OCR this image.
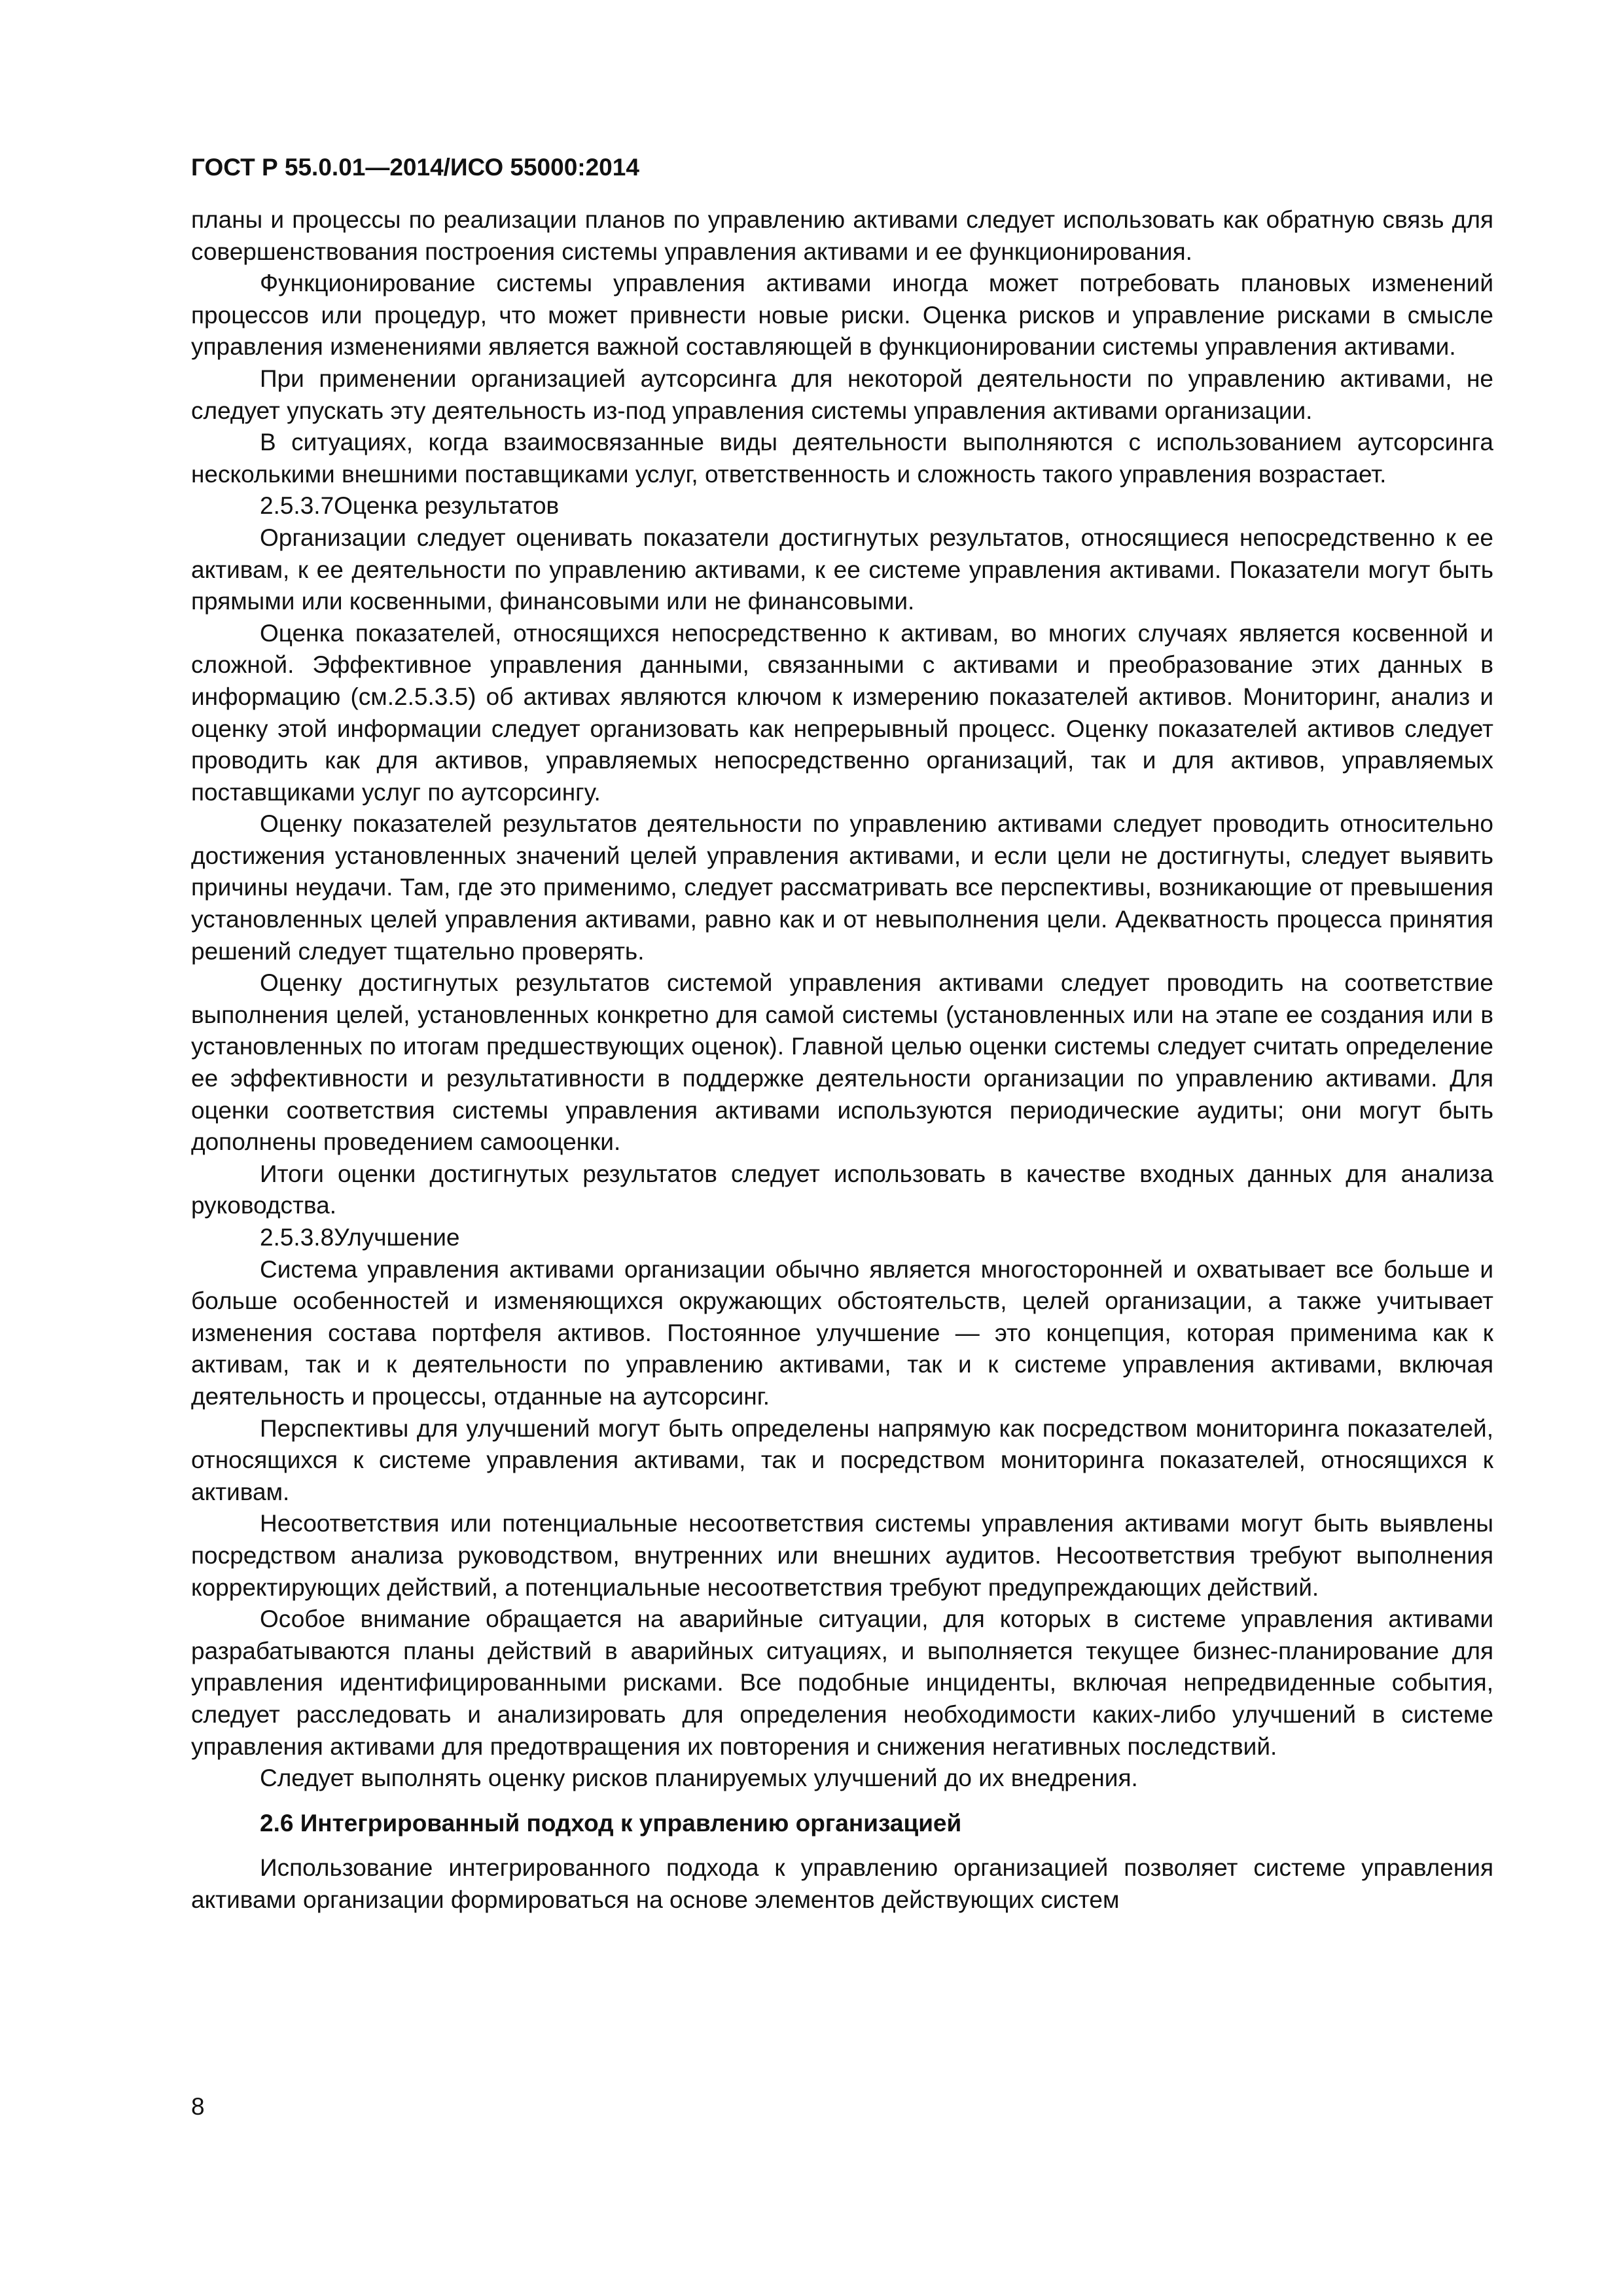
ГОСТ Р 55.0.01—2014/ИСО 55000:2014

планы и процессы по реализации планов по управлению активами следует использовать как обратную связь для совершенствования построения системы управления активами и ее функционирования.

Функционирование системы управления активами иногда может потребовать плановых изменений процессов или процедур, что может привнести новые риски. Оценка рисков и управление рисками в смысле управления изменениями является важной составляющей в функционировании системы управления активами.

При применении организацией аутсорсинга для некоторой деятельности по управлению активами, не следует упускать эту деятельность из-под управления системы управления активами организации.

В ситуациях, когда взаимосвязанные виды деятельности выполняются с использованием аутсорсинга несколькими внешними поставщиками услуг, ответственность и сложность такого управления возрастает.

2.5.3.7Оценка результатов

Организации следует оценивать показатели достигнутых результатов, относящиеся непосредственно к ее активам, к ее деятельности по управлению активами, к ее системе управления активами. Показатели могут быть прямыми или косвенными, финансовыми или не финансовыми.

Оценка показателей, относящихся непосредственно к активам, во многих случаях является косвенной и сложной. Эффективное управления данными, связанными с активами и преобразование этих данных в информацию (см.2.5.3.5) об активах являются ключом к измерению показателей активов. Мониторинг, анализ и оценку этой информации следует организовать как непрерывный процесс. Оценку показателей активов следует проводить как для активов, управляемых непосредственно организаций, так и для активов, управляемых поставщиками услуг по аутсорсингу.

Оценку показателей результатов деятельности по управлению активами следует проводить относительно достижения установленных значений целей управления активами, и если цели не достигнуты, следует выявить причины неудачи. Там, где это применимо, следует рассматривать все перспективы, возникающие от превышения установленных целей управления активами, равно как и от невыполнения цели. Адекватность процесса принятия решений следует тщательно проверять.

Оценку достигнутых результатов системой управления активами следует проводить на соответствие выполнения целей, установленных конкретно для самой системы (установленных или на этапе ее создания или в установленных по итогам предшествующих оценок). Главной целью оценки системы следует считать определение ее эффективности и результативности в поддержке деятельности организации по управлению активами. Для оценки соответствия системы управления активами используются периодические аудиты; они могут быть дополнены проведением самооценки.

Итоги оценки достигнутых результатов следует использовать в качестве входных данных для анализа руководства.

2.5.3.8Улучшение

Система управления активами организации обычно является многосторонней и охватывает все больше и больше особенностей и изменяющихся окружающих обстоятельств, целей организации, а также учитывает изменения состава портфеля активов. Постоянное улучшение — это концепция, которая применима как к активам, так и к деятельности по управлению активами, так и к системе управления активами, включая деятельность и процессы, отданные на аутсорсинг.

Перспективы для улучшений могут быть определены напрямую как посредством мониторинга показателей, относящихся к системе управления активами, так и посредством мониторинга показателей, относящихся к активам.

Несоответствия или потенциальные несоответствия системы управления активами могут быть выявлены посредством анализа руководством, внутренних или внешних аудитов. Несоответствия требуют выполнения корректирующих действий, а потенциальные несоответствия требуют предупреждающих действий.

Особое внимание обращается на аварийные ситуации, для которых в системе управления активами разрабатываются планы действий в аварийных ситуациях, и выполняется текущее бизнес-планирование для управления идентифицированными рисками. Все подобные инциденты, включая непредвиденные события, следует расследовать и анализировать для определения необходимости каких-либо улучшений в системе управления активами для предотвращения их повторения и снижения негативных последствий.

Следует выполнять оценку рисков планируемых улучшений до их внедрения.

2.6 Интегрированный подход к управлению организацией

Использование интегрированного подхода к управлению организацией позволяет системе управления активами организации формироваться на основе элементов действующих систем

8
